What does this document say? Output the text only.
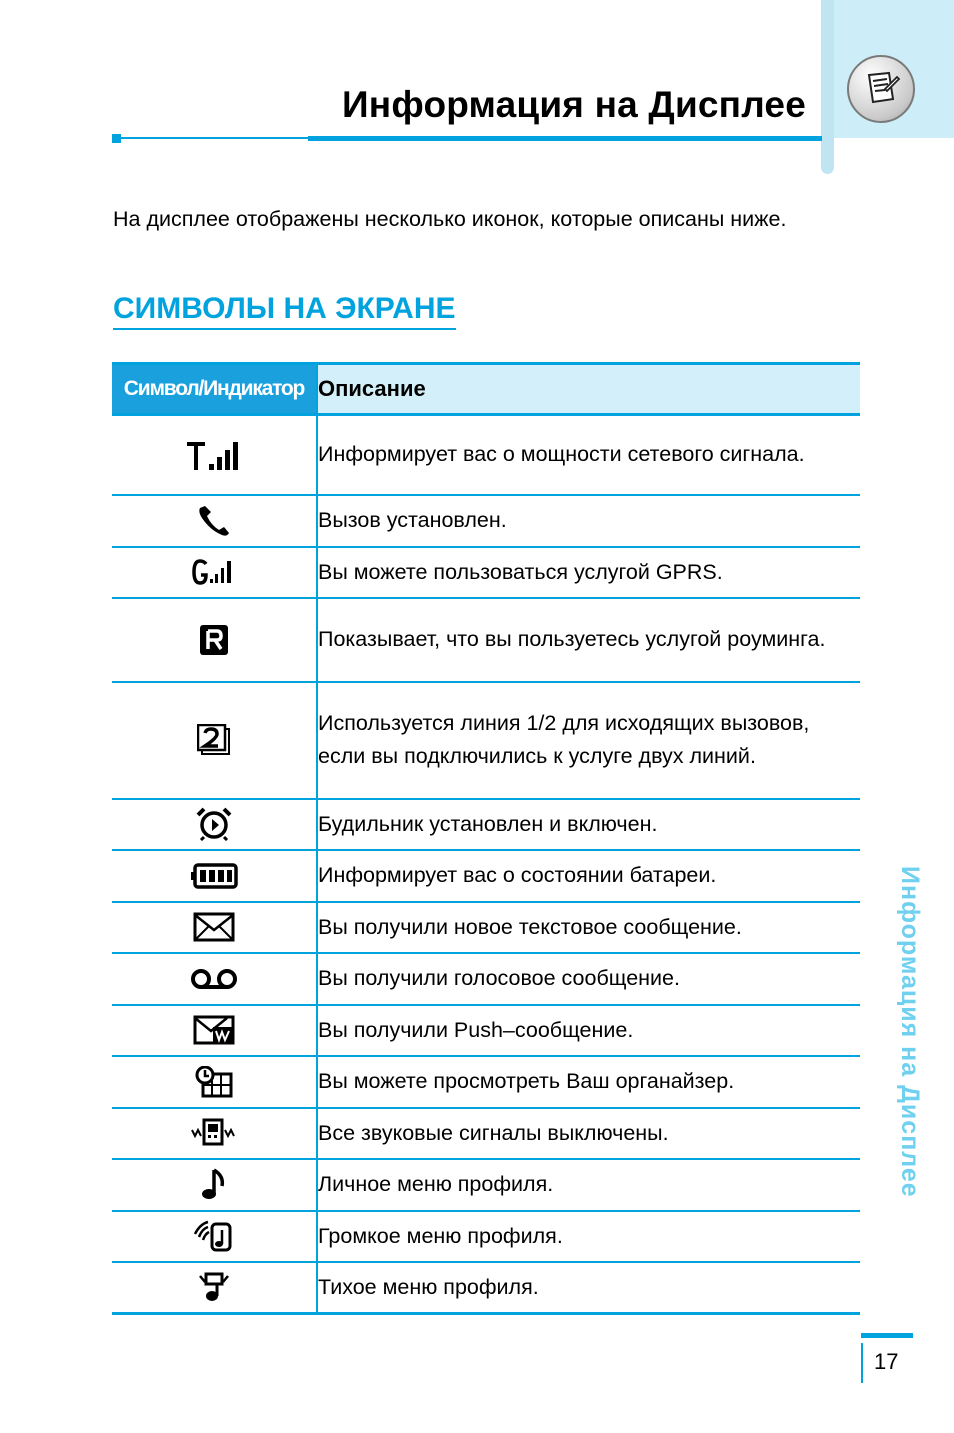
Информация на Дисплее

На дисплее отображены несколько иконок, которые описаны ниже.

СИМВОЛЫ НА ЭКРАНЕ
Символ/Индикатор	Описание
	Информирует вас о мощности сетевого сигнала.
	Вызов установлен.
	Вы можете пользоваться услугой GPRS.
	Показывает, что вы пользуетесь услугой роуминга.
	Используется линия 1/2 для исходящих вызовов, если вы подключились к услуге двух линий.
	Будильник установлен и включен.
	Информирует вас о состоянии батареи.
	Вы получили новое текстовое сообщение.
	Вы получили голосовое сообщение.
	Вы получили Push–сообщение.
	Вы можете просмотреть Ваш органайзер.
	Все звуковые сигналы выключены.
	Личное меню профиля.
	Громкое меню профиля.
	Тихое меню профиля.
Информация на Дисплее
17
